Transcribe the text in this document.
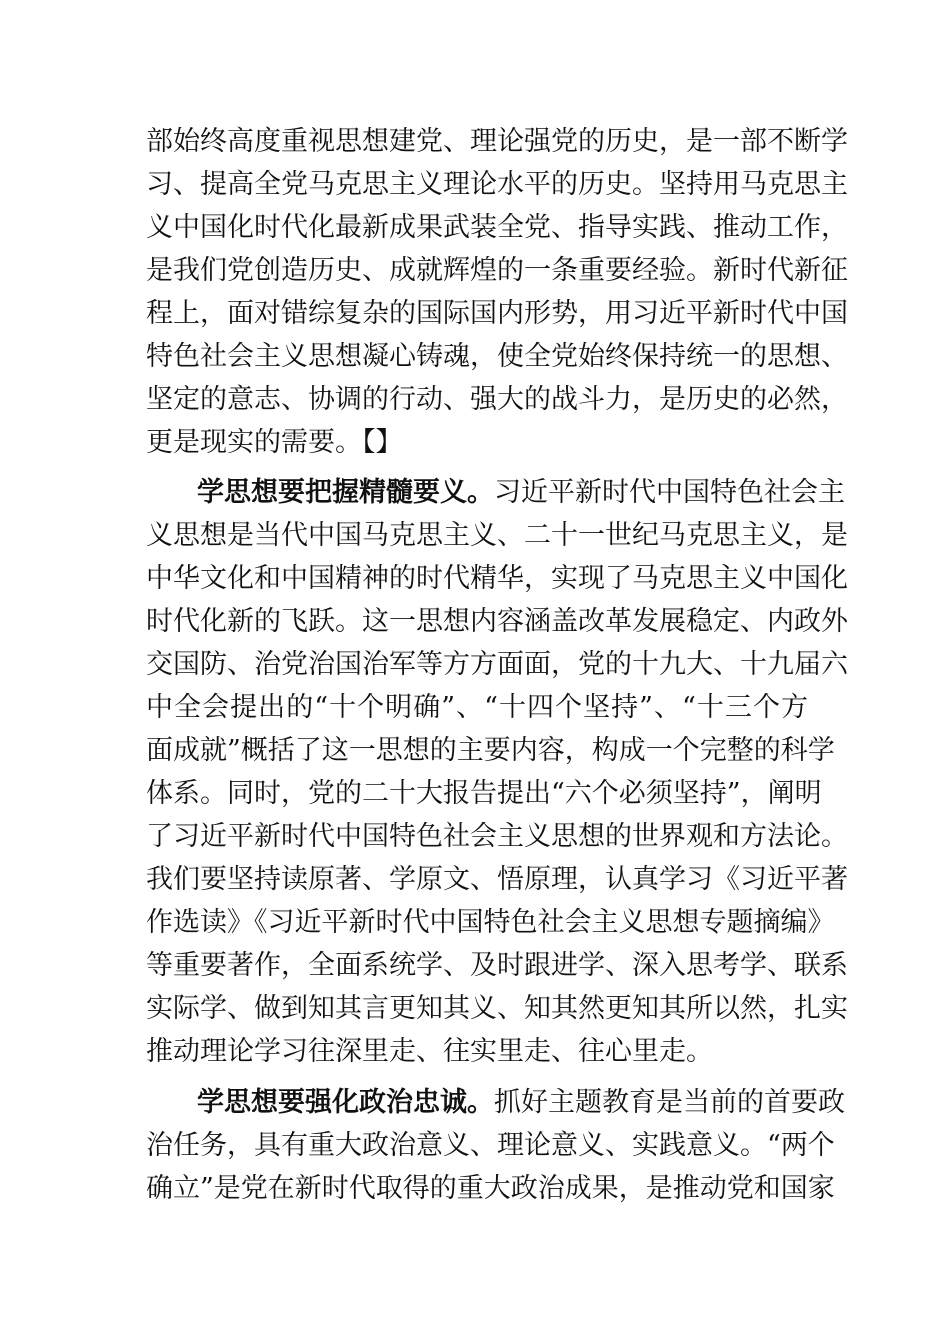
部始终高度重视思想建党、理论强党的历史，是一部不断学
习、提高全党马克思主义理论水平的历史。坚持用马克思主
义中国化时代化最新成果武装全党、指导实践、推动工作，
是我们党创造历史、成就辉煌的一条重要经验。新时代新征
程上，面对错综复杂的国际国内形势，用习近平新时代中国
特色社会主义思想凝心铸魂，使全党始终保持统一的思想、
坚定的意志、协调的行动、强大的战斗力，是历史的必然，
更是现实的需要。【】
学思想要把握精髓要义。习近平新时代中国特色社会主
义思想是当代中国马克思主义、二十一世纪马克思主义，是
中华文化和中国精神的时代精华，实现了马克思主义中国化
时代化新的飞跃。这一思想内容涵盖改革发展稳定、内政外
交国防、治党治国治军等方方面面，党的十九大、十九届六
中全会提出的“十个明确”、“十四个坚持”、“十三个方
面成就”概括了这一思想的主要内容，构成一个完整的科学
体系。同时，党的二十大报告提出“六个必须坚持”，阐明
了习近平新时代中国特色社会主义思想的世界观和方法论。
我们要坚持读原著、学原文、悟原理，认真学习《习近平著
作选读》《习近平新时代中国特色社会主义思想专题摘编》
等重要著作，全面系统学、及时跟进学、深入思考学、联系
实际学、做到知其言更知其义、知其然更知其所以然，扎实
推动理论学习往深里走、往实里走、往心里走。
学思想要强化政治忠诚。抓好主题教育是当前的首要政
治任务，具有重大政治意义、理论意义、实践意义。“两个
确立”是党在新时代取得的重大政治成果，是推动党和国家
